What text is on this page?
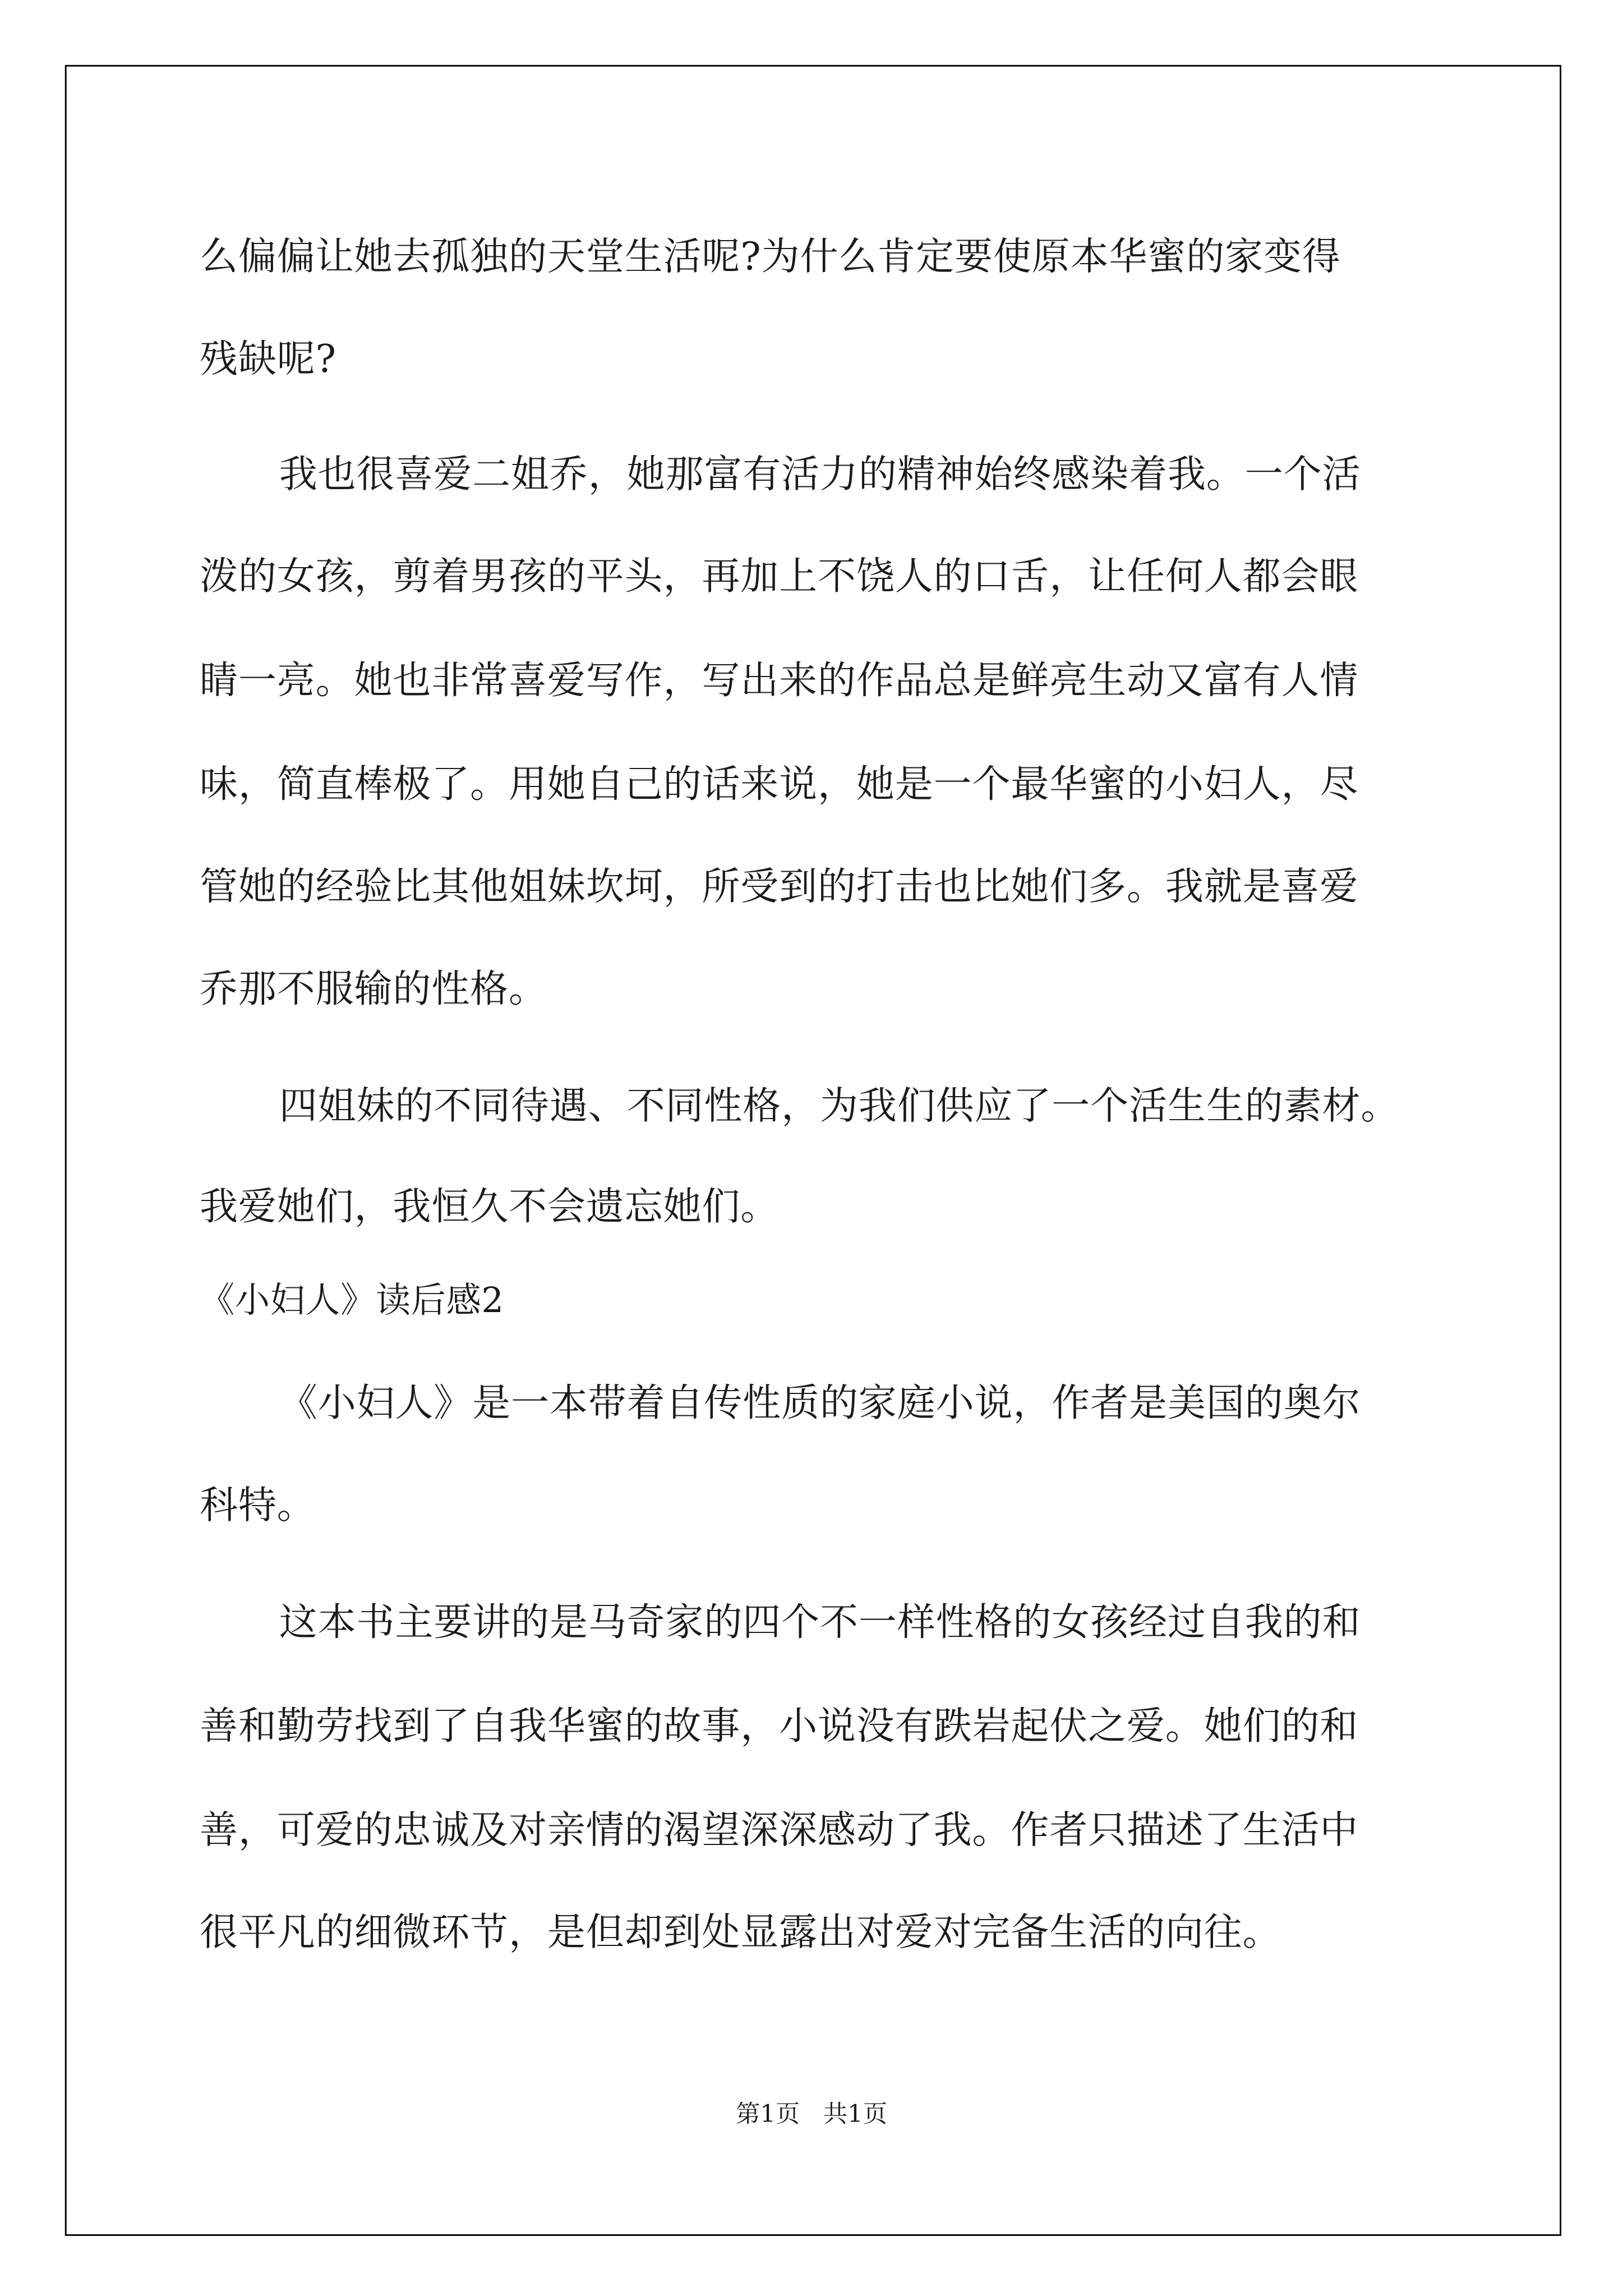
么偏偏让她去孤独的天堂生活呢?为什么肯定要使原本华蜜的家变得

残缺呢?

我也很喜爱二姐乔，她那富有活力的精神始终感染着我。一个活

泼的女孩，剪着男孩的平头，再加上不饶人的口舌，让任何人都会眼

睛一亮。她也非常喜爱写作，写出来的作品总是鲜亮生动又富有人情

味，简直棒极了。用她自己的话来说，她是一个最华蜜的小妇人，尽

管她的经验比其他姐妹坎坷，所受到的打击也比她们多。我就是喜爱

乔那不服输的性格。

四姐妹的不同待遇、不同性格，为我们供应了一个活生生的素材。

我爱她们，我恒久不会遗忘她们。

《小妇人》读后感2

《小妇人》是一本带着自传性质的家庭小说，作者是美国的奥尔

科特。

这本书主要讲的是马奇家的四个不一样性格的女孩经过自我的和

善和勤劳找到了自我华蜜的故事，小说没有跌岩起伏之爱。她们的和

善，可爱的忠诚及对亲情的渴望深深感动了我。作者只描述了生活中

很平凡的细微环节，是但却到处显露出对爱对完备生活的向往。

第1页	共1页
